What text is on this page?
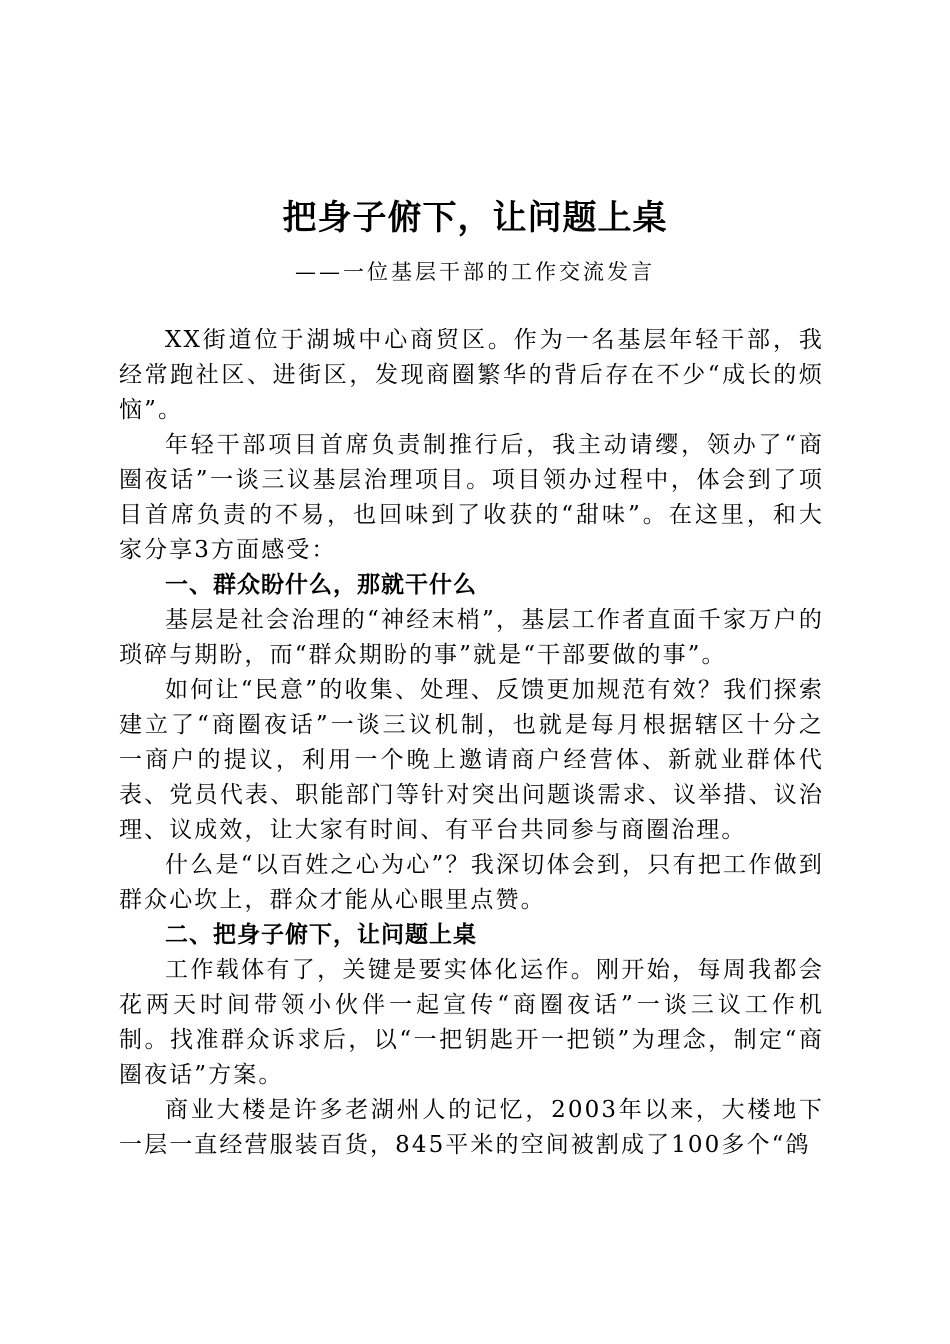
把身子俯下，让问题上桌
——一位基层干部的工作交流发言

XX街道位于湖城中心商贸区。作为一名基层年轻干部，我经常跑社区、进街区，发现商圈繁华的背后存在不少“成长的烦恼”。

年轻干部项目首席负责制推行后，我主动请缨，领办了“商圈夜话”一谈三议基层治理项目。项目领办过程中，体会到了项目首席负责的不易，也回味到了收获的“甜味”。在这里，和大家分享3方面感受：

一、群众盼什么，那就干什么

基层是社会治理的“神经末梢”，基层工作者直面千家万户的琐碎与期盼，而“群众期盼的事”就是“干部要做的事”。

如何让“民意”的收集、处理、反馈更加规范有效？我们探索建立了“商圈夜话”一谈三议机制，也就是每月根据辖区十分之一商户的提议，利用一个晚上邀请商户经营体、新就业群体代表、党员代表、职能部门等针对突出问题谈需求、议举措、议治理、议成效，让大家有时间、有平台共同参与商圈治理。

什么是“以百姓之心为心”？我深切体会到，只有把工作做到群众心坎上，群众才能从心眼里点赞。

二、把身子俯下，让问题上桌

工作载体有了，关键是要实体化运作。刚开始，每周我都会花两天时间带领小伙伴一起宣传“商圈夜话”一谈三议工作机制。找准群众诉求后，以“一把钥匙开一把锁”为理念，制定“商圈夜话”方案。

商业大楼是许多老湖州人的记忆，2003年以来，大楼地下一层一直经营服装百货，845平米的空间被割成了100多个“鸽
